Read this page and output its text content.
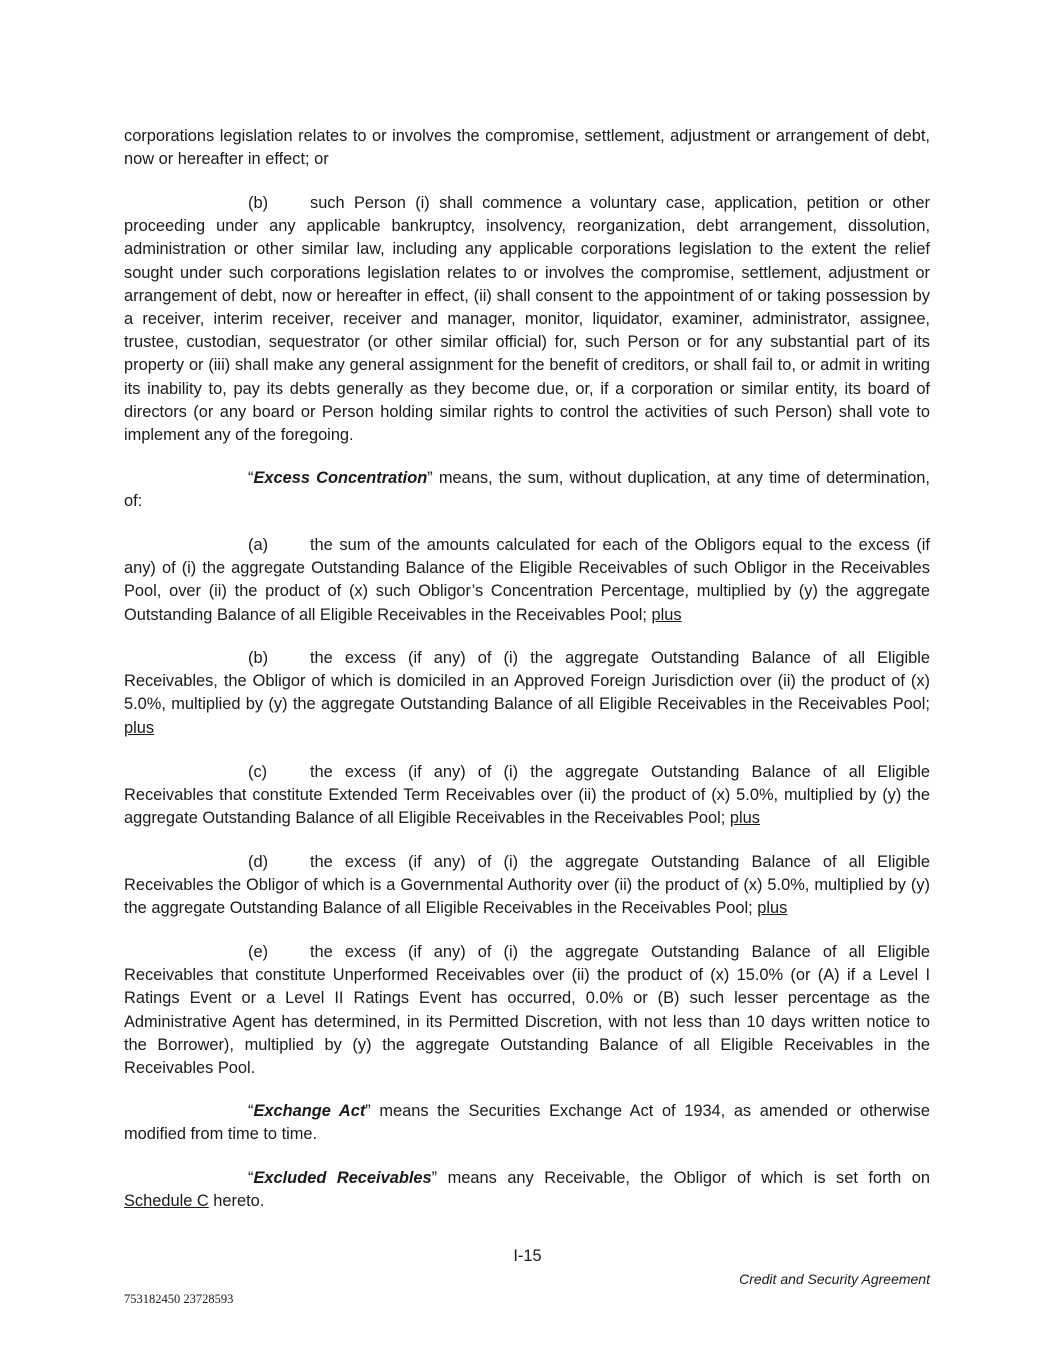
corporations legislation relates to or involves the compromise, settlement, adjustment or arrangement of debt, now or hereafter in effect; or

(b)	such Person (i) shall commence a voluntary case, application, petition or other proceeding under any applicable bankruptcy, insolvency, reorganization, debt arrangement, dissolution, administration or other similar law, including any applicable corporations legislation to the extent the relief sought under such corporations legislation relates to or involves the compromise, settlement, adjustment or arrangement of debt, now or hereafter in effect, (ii) shall consent to the appointment of or taking possession by a receiver, interim receiver, receiver and manager, monitor, liquidator, examiner, administrator, assignee, trustee, custodian, sequestrator (or other similar official) for, such Person or for any substantial part of its property or (iii) shall make any general assignment for the benefit of creditors, or shall fail to, or admit in writing its inability to, pay its debts generally as they become due, or, if a corporation or similar entity, its board of directors (or any board or Person holding similar rights to control the activities of such Person) shall vote to implement any of the foregoing.

“Excess Concentration” means, the sum, without duplication, at any time of determination, of:

(a)	the sum of the amounts calculated for each of the Obligors equal to the excess (if any) of (i) the aggregate Outstanding Balance of the Eligible Receivables of such Obligor in the Receivables Pool, over (ii) the product of (x) such Obligor’s Concentration Percentage, multiplied by (y) the aggregate Outstanding Balance of all Eligible Receivables in the Receivables Pool; plus

(b)	the excess (if any) of (i) the aggregate Outstanding Balance of all Eligible Receivables, the Obligor of which is domiciled in an Approved Foreign Jurisdiction over (ii) the product of (x) 5.0%, multiplied by (y) the aggregate Outstanding Balance of all Eligible Receivables in the Receivables Pool; plus

(c)	the excess (if any) of (i) the aggregate Outstanding Balance of all Eligible Receivables that constitute Extended Term Receivables over (ii) the product of (x) 5.0%, multiplied by (y) the aggregate Outstanding Balance of all Eligible Receivables in the Receivables Pool; plus

(d)	the excess (if any) of (i) the aggregate Outstanding Balance of all Eligible Receivables the Obligor of which is a Governmental Authority over (ii) the product of (x) 5.0%, multiplied by (y) the aggregate Outstanding Balance of all Eligible Receivables in the Receivables Pool; plus

(e)	the excess (if any) of (i) the aggregate Outstanding Balance of all Eligible Receivables that constitute Unperformed Receivables over (ii) the product of (x) 15.0% (or (A) if a Level I Ratings Event or a Level II Ratings Event has occurred, 0.0% or (B) such lesser percentage as the Administrative Agent has determined, in its Permitted Discretion, with not less than 10 days written notice to the Borrower), multiplied by (y) the aggregate Outstanding Balance of all Eligible Receivables in the Receivables Pool.

“Exchange Act” means the Securities Exchange Act of 1934, as amended or otherwise modified from time to time.

“Excluded Receivables” means any Receivable, the Obligor of which is set forth on Schedule C hereto.

I-15
Credit and Security Agreement
753182450 23728593
